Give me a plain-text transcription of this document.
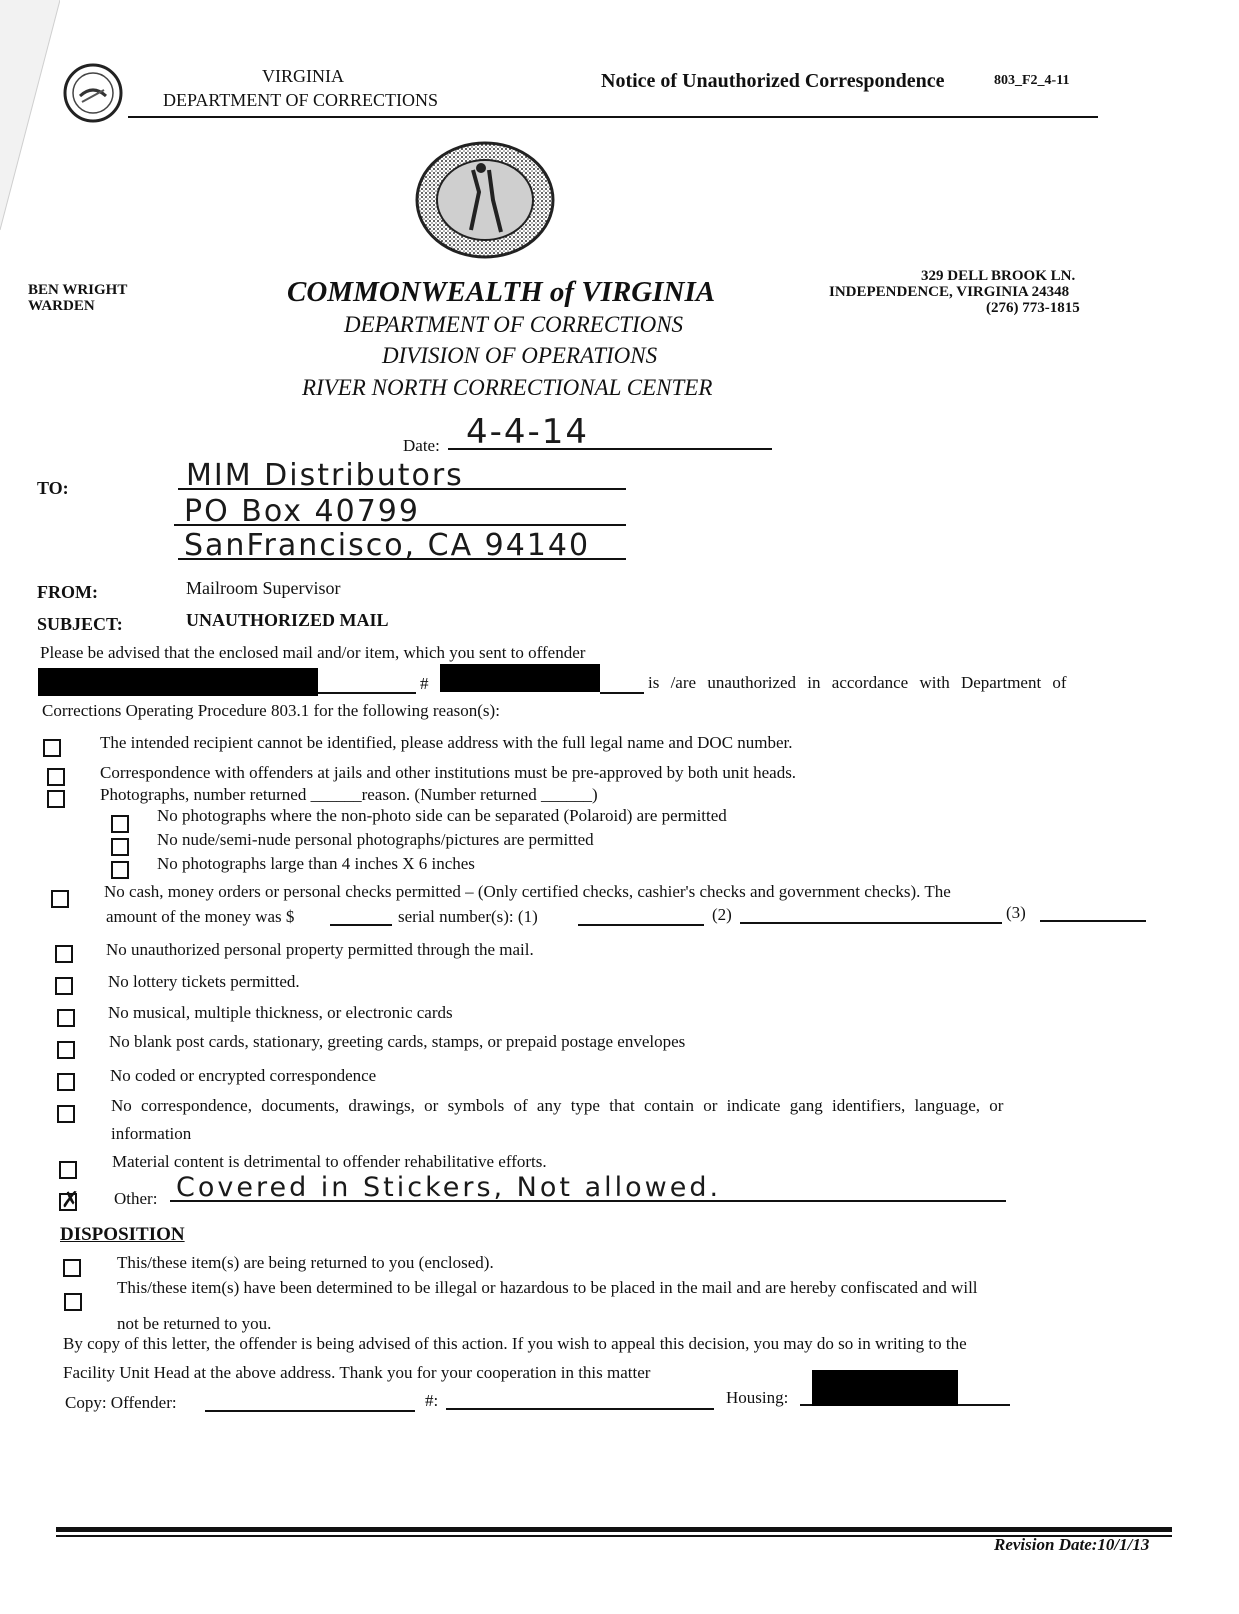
VIRGINIA
DEPARTMENT OF CORRECTIONS
Notice of Unauthorized Correspondence	803_F2_4-11
BEN WRIGHT
WARDEN	COMMONWEALTH of VIRGINIA
DEPARTMENT OF CORRECTIONS
DIVISION OF OPERATIONS
RIVER NORTH CORRECTIONAL CENTER
329 DELL BROOK LN.
INDEPENDENCE, VIRGINIA 24348
(276) 773-1815
Date: 4-4-14
TO:	MIM Distributors
PO Box 40799
SanFrancisco, CA 94140
FROM:	Mailroom Supervisor
SUBJECT:	UNAUTHORIZED MAIL
Please be advised that the enclosed mail and/or item, which you sent to offender
#	is /are unauthorized in accordance with Department of
Corrections Operating Procedure 803.1 for the following reason(s):
The intended recipient cannot be identified, please address with the full legal name and DOC number.
Correspondence with offenders at jails and other institutions must be pre-approved by both unit heads.
Photographs, number returned ______reason. (Number returned ______)
No photographs where the non-photo side can be separated (Polaroid) are permitted
No nude/semi-nude personal photographs/pictures are permitted
No photographs large than 4 inches X 6 inches
No cash, money orders or personal checks permitted – (Only certified checks, cashier's checks and government checks). The
amount of the money was $	serial number(s): (1)	(2)	(3)
No unauthorized personal property permitted through the mail.
No lottery tickets permitted.
No musical, multiple thickness, or electronic cards
No blank post cards, stationary, greeting cards, stamps, or prepaid postage envelopes
No coded or encrypted correspondence
No correspondence, documents, drawings, or symbols of any type that contain or indicate gang identifiers, language, or
information
Material content is detrimental to offender rehabilitative efforts.
✗ Other: Covered in Stickers, Not allowed.
DISPOSITION
This/these item(s) are being returned to you (enclosed).
This/these item(s) have been determined to be illegal or hazardous to be placed in the mail and are hereby confiscated and will
not be returned to you.
By copy of this letter, the offender is being advised of this action. If you wish to appeal this decision, you may do so in writing to the
Facility Unit Head at the above address. Thank you for your cooperation in this matter
Copy: Offender:	#:	Housing:
Revision Date:10/1/13
